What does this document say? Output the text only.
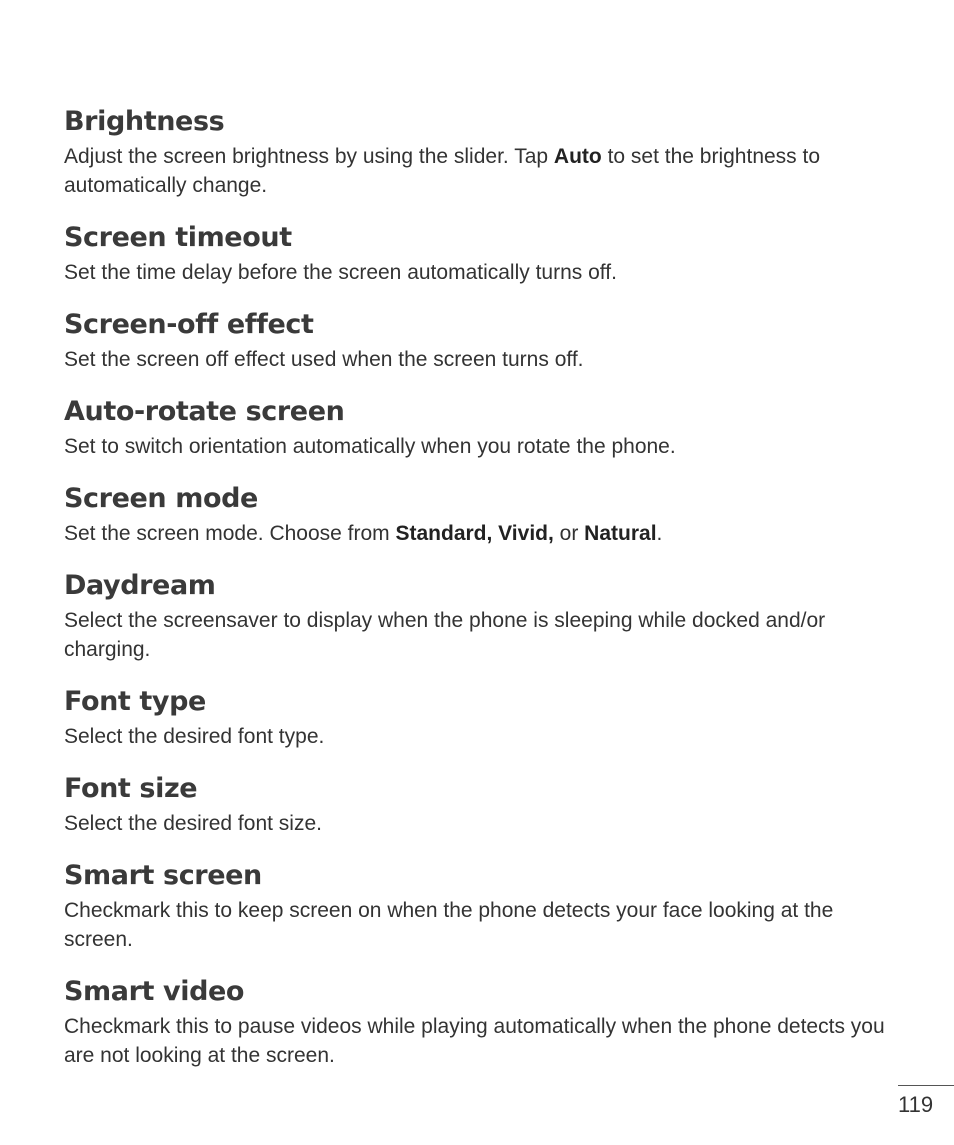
Brightness

Adjust the screen brightness by using the slider. Tap Auto to set the brightness to automatically change.

Screen timeout

Set the time delay before the screen automatically turns off.

Screen-off effect

Set the screen off effect used when the screen turns off.

Auto-rotate screen

Set to switch orientation automatically when you rotate the phone.

Screen mode

Set the screen mode. Choose from Standard, Vivid, or Natural.

Daydream

Select the screensaver to display when the phone is sleeping while docked and/or charging.

Font type

Select the desired font type.

Font size

Select the desired font size.

Smart screen

Checkmark this to keep screen on when the phone detects your face looking at the screen.

Smart video

Checkmark this to pause videos while playing automatically when the phone detects you are not looking at the screen.

119
